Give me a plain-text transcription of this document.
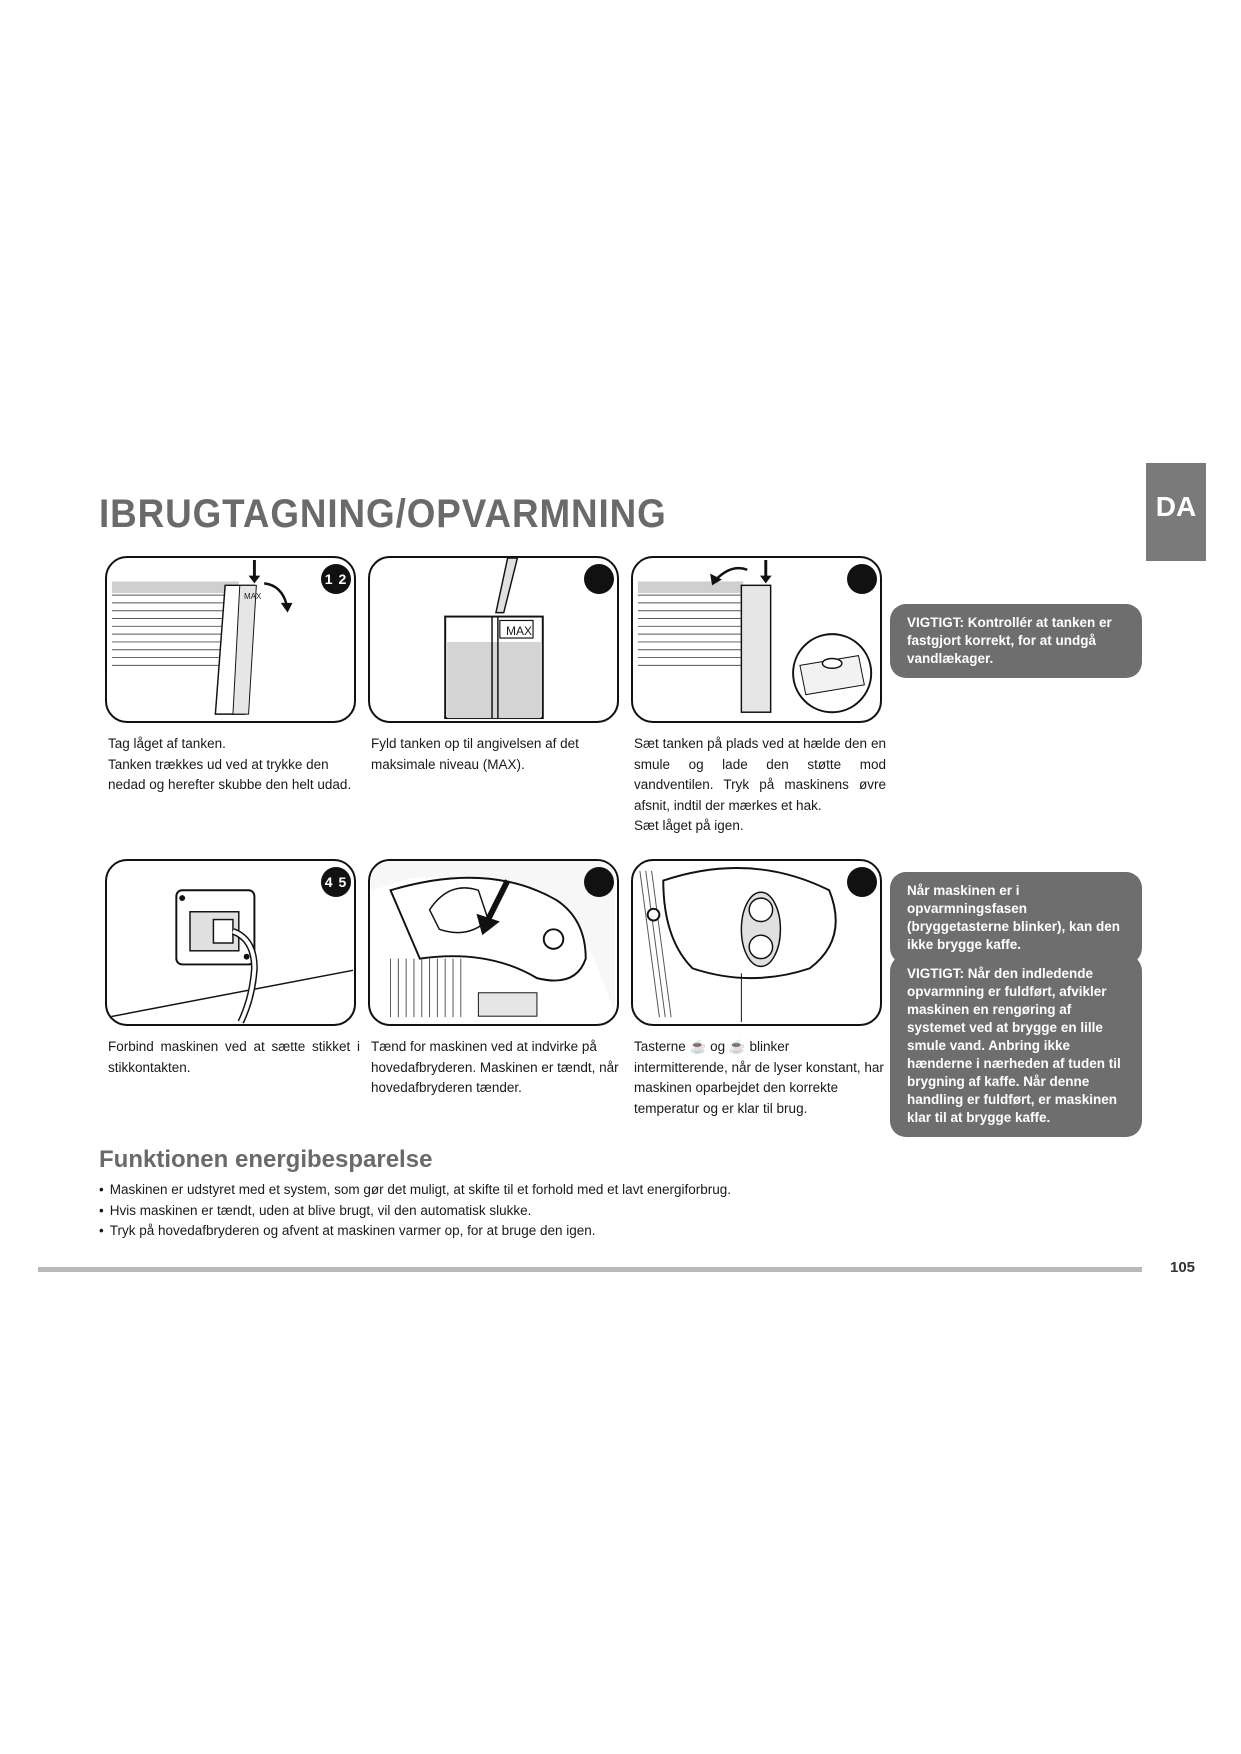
IBRUGTAGNING/OPVARMNING	DA
1 2
MAX
MAX

Tag låget af tanken.
Tanken trækkes ud ved at trykke den nedad og herefter skubbe den helt udad.

Fyld tanken op til angivelsen af det maksimale niveau (MAX).

Sæt tanken på plads ved at hælde den en smule og lade den støtte mod vandventilen. Tryk på maskinens øvre afsnit, indtil der mærkes et hak.
Sæt låget på igen.

4 5

Forbind maskinen ved at sætte stikket i stikkontakten.

Tænd for maskinen ved at indvirke på hovedafbryderen. Maskinen er tændt, når hovedafbryderen tænder.

Tasterne ☕ og ☕ blinker intermitterende, når de lyser konstant, har maskinen oparbejdet den korrekte temperatur og er klar til brug.

VIGTIGT: Kontrollér at tanken er fastgjort korrekt, for at undgå vandlækager.
Når maskinen er i opvarmningsfasen (bryggetasterne blinker), kan den ikke brygge kaffe.
VIGTIGT: Når den indledende opvarmning er fuldført, afvikler maskinen en rengøring af systemet ved at brygge en lille smule vand. Anbring ikke hænderne i nærheden af tuden til brygning af kaffe. Når denne handling er fuldført, er maskinen klar til at brygge kaffe.
Funktionen energibesparelse
• Maskinen er udstyret med et system, som gør det muligt, at skifte til et forhold med et lavt energiforbrug.
• Hvis maskinen er tændt, uden at blive brugt, vil den automatisk slukke.
• Tryk på hovedafbryderen og afvent at maskinen varmer op, for at bruge den igen.
105
